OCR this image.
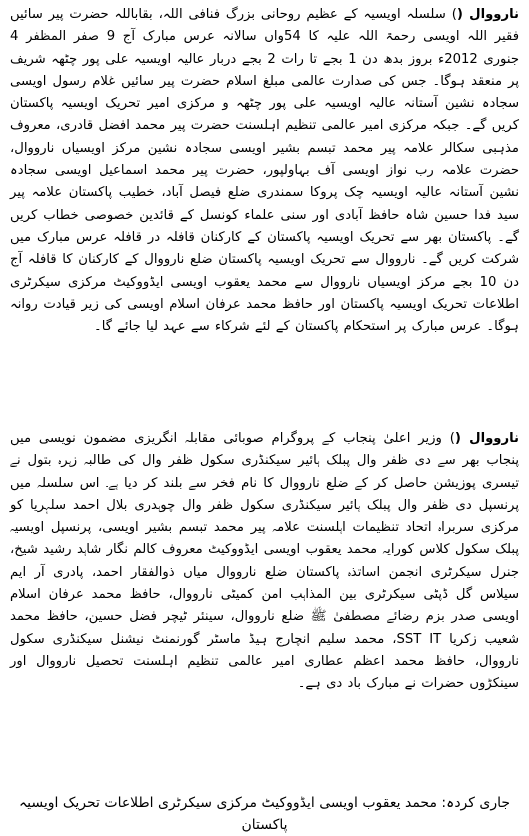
نارووال () سلسلہ اویسیہ کے عظیم روحانی بزرگ فنافی اللہ، بقاباللہ حضرت پیر سائیں فقیر اللہ اویسی رحمۃ اللہ علیہ کا 54واں سالانہ عرس مبارک آج 9 صفر المظفر 4 جنوری 2012ء بروز بدھ دن 1 بجے تا رات 2 بجے دربار عالیہ اویسیہ علی پور چٹھہ شریف پر منعقد ہوگا۔ جس کی صدارت عالمی مبلغ اسلام حضرت پیر سائیں غلام رسول اویسی سجادہ نشین آستانہ عالیہ اویسیہ علی پور چٹھہ و مرکزی امیر تحریک اویسیہ پاکستان کریں گے۔ جبکہ مرکزی امیر عالمی تنظیم اہلسنت حضرت پیر محمد افضل قادری، معروف مذہبی سکالر علامہ پیر محمد تبسم بشیر اویسی سجادہ نشین مرکز اویسیاں نارووال، حضرت علامہ رب نواز اویسی آف بہاولپور، حضرت پیر محمد اسماعیل اویسی سجادہ نشین آستانہ عالیہ اویسیہ چک پروکا سمندری ضلع فیصل آباد، خطیب پاکستان علامہ پیر سید فدا حسین شاہ حافظ آبادی اور سنی علماء کونسل کے قائدین خصوصی خطاب کریں گے۔ پاکستان بھر سے تحریک اویسیہ پاکستان کے کارکنان قافلہ در قافلہ عرس مبارک میں شرکت کریں گے۔ نارووال سے تحریک اویسیہ پاکستان ضلع نارووال کے کارکنان کا قافلہ آج دن 10 بجے مرکز اویسیاں نارووال سے محمد یعقوب اویسی ایڈووکیٹ مرکزی سیکرٹری اطلاعات تحریک اویسیہ پاکستان اور حافظ محمد عرفان اسلام اویسی کی زیر قیادت روانہ ہوگا۔ عرس مبارک پر استحکام پاکستان کے لئے شرکاء سے عہد لیا جائے گا۔

نارووال () وزیر اعلیٰ پنجاب کے پروگرام صوبائی مقابلہ انگریزی مضمون نویسی میں پنجاب بھر سے دی ظفر وال پبلک ہائیر سیکنڈری سکول ظفر وال کی طالبہ زہرہ بتول نے تیسری پوزیشن حاصل کر کے ضلع نارووال کا نام فخر سے بلند کر دیا ہے۔ اس سلسلہ میں پرنسپل دی ظفر وال پبلک ہائیر سیکنڈری سکول ظفر وال چوہدری بلال احمد سلہریا کو مرکزی سربراہ اتحاد تنظیمات اہلسنت علامہ پیر محمد تبسم بشیر اویسی، پرنسپل اویسیہ پبلک سکول کلاس کورایہ محمد یعقوب اویسی ایڈووکیٹ معروف کالم نگار شاہد رشید شیخ، جنرل سیکرٹری انجمن اساتذہ پاکستان ضلع نارووال میاں ذوالفقار احمد، پادری آر ایم سیلاس گل ڈپٹی سیکرٹری بین المذاہب امن کمیٹی نارووال، حافظ محمد عرفان اسلام اویسی صدر بزم رضائے مصطفیٰ ﷺ ضلع نارووال، سینئر ٹیچر فضل حسین، حافظ محمد شعیب زکریا SST IT، محمد سلیم انچارج ہیڈ ماسٹر گورنمنٹ نیشنل سیکنڈری سکول نارووال، حافظ محمد اعظم عطاری امیر عالمی تنظیم اہلسنت تحصیل نارووال اور سینکڑوں حضرات نے مبارک باد دی ہے۔

جاری کردہ: محمد یعقوب اویسی ایڈووکیٹ مرکزی سیکرٹری اطلاعات تحریک اویسیہ پاکستان
